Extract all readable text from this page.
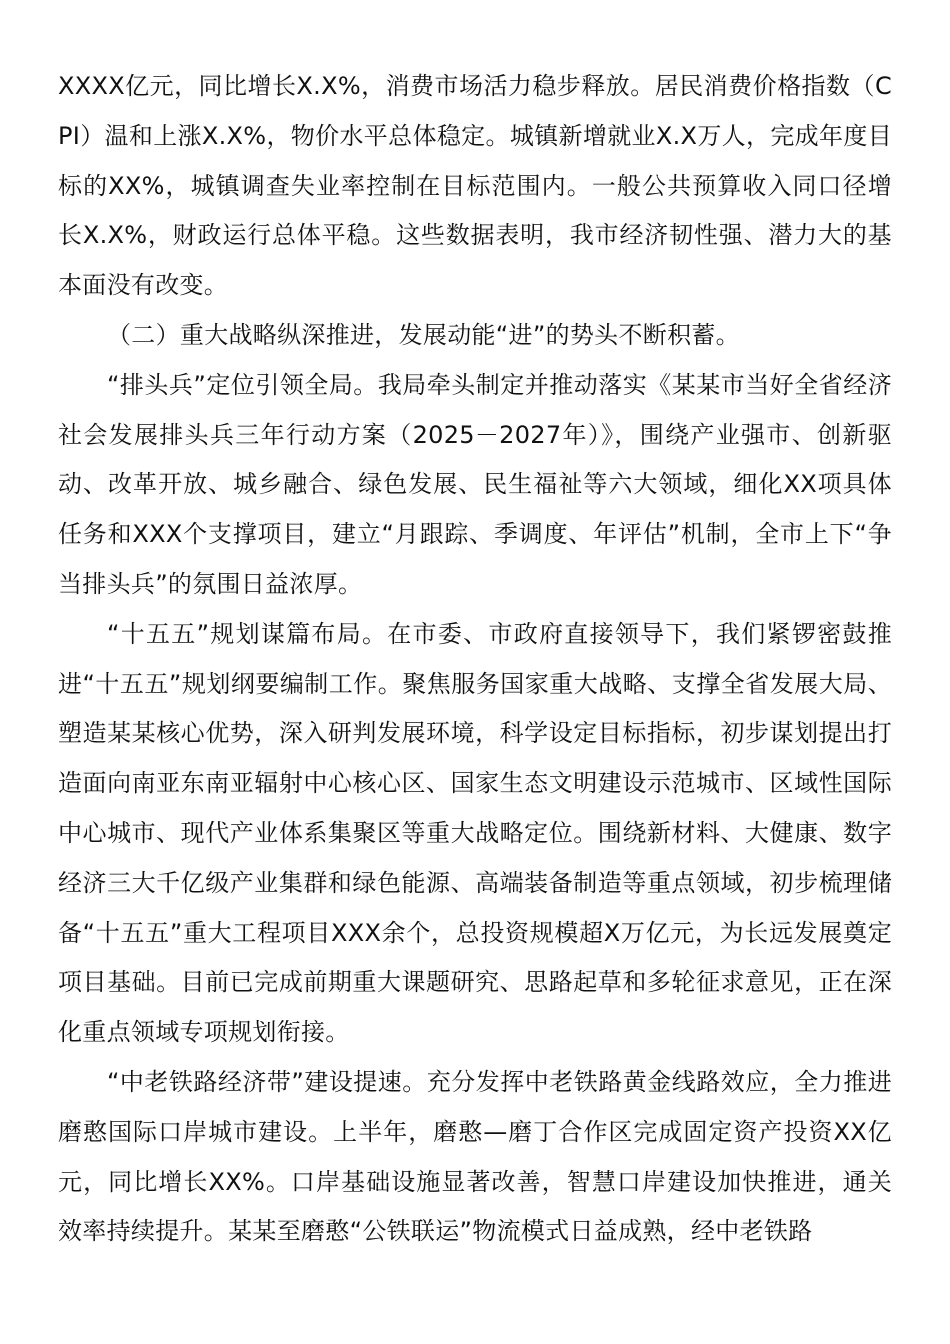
XXXX亿元，同比增长X.X%，消费市场活力稳步释放。居民消费价格指数（CPI）温和上涨X.X%，物价水平总体稳定。城镇新增就业X.X万人，完成年度目标的XX%，城镇调查失业率控制在目标范围内。一般公共预算收入同口径增长X.X%，财政运行总体平稳。这些数据表明，我市经济韧性强、潜力大的基本面没有改变。

（二）重大战略纵深推进，发展动能“进”的势头不断积蓄。

“排头兵”定位引领全局。我局牵头制定并推动落实《某某市当好全省经济社会发展排头兵三年行动方案（2025－2027年）》，围绕产业强市、创新驱动、改革开放、城乡融合、绿色发展、民生福祉等六大领域，细化XX项具体任务和XXX个支撑项目，建立“月跟踪、季调度、年评估”机制，全市上下“争当排头兵”的氛围日益浓厚。

“十五五”规划谋篇布局。在市委、市政府直接领导下，我们紧锣密鼓推进“十五五”规划纲要编制工作。聚焦服务国家重大战略、支撑全省发展大局、塑造某某核心优势，深入研判发展环境，科学设定目标指标，初步谋划提出打造面向南亚东南亚辐射中心核心区、国家生态文明建设示范城市、区域性国际中心城市、现代产业体系集聚区等重大战略定位。围绕新材料、大健康、数字经济三大千亿级产业集群和绿色能源、高端装备制造等重点领域，初步梳理储备“十五五”重大工程项目XXX余个，总投资规模超X万亿元，为长远发展奠定项目基础。目前已完成前期重大课题研究、思路起草和多轮征求意见，正在深化重点领域专项规划衔接。

“中老铁路经济带”建设提速。充分发挥中老铁路黄金线路效应，全力推进磨憨国际口岸城市建设。上半年，磨憨—磨丁合作区完成固定资产投资XX亿元，同比增长XX%。口岸基础设施显著改善，智慧口岸建设加快推进，通关效率持续提升。某某至磨憨“公铁联运”物流模式日益成熟，经中老铁路
